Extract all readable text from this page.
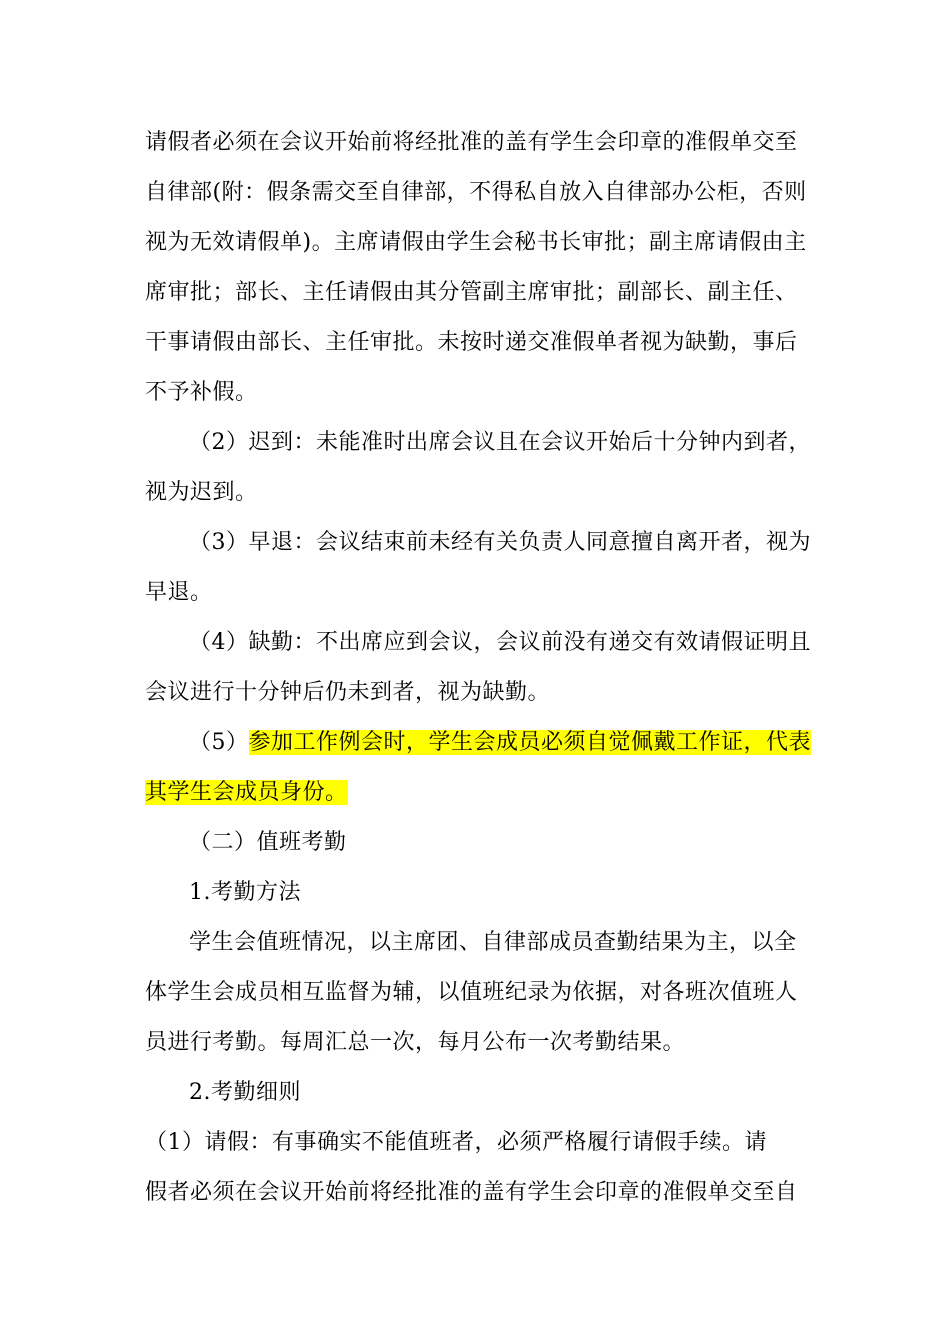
请假者必须在会议开始前将经批准的盖有学生会印章的准假单交至
自律部(附：假条需交至自律部，不得私自放入自律部办公柜，否则
视为无效请假单)。主席请假由学生会秘书长审批；副主席请假由主
席审批；部长、主任请假由其分管副主席审批；副部长、副主任、
干事请假由部长、主任审批。未按时递交准假单者视为缺勤，事后
不予补假。
（2）迟到：未能准时出席会议且在会议开始后十分钟内到者，
视为迟到。
（3）早退：会议结束前未经有关负责人同意擅自离开者，视为
早退。
（4）缺勤：不出席应到会议，会议前没有递交有效请假证明且
会议进行十分钟后仍未到者，视为缺勤。
（5）参加工作例会时，学生会成员必须自觉佩戴工作证，代表
其学生会成员身份。
（二）值班考勤
1.考勤方法
学生会值班情况，以主席团、自律部成员查勤结果为主，以全
体学生会成员相互监督为辅，以值班纪录为依据，对各班次值班人
员进行考勤。每周汇总一次，每月公布一次考勤结果。
2.考勤细则
（1）请假：有事确实不能值班者，必须严格履行请假手续。请
假者必须在会议开始前将经批准的盖有学生会印章的准假单交至自
